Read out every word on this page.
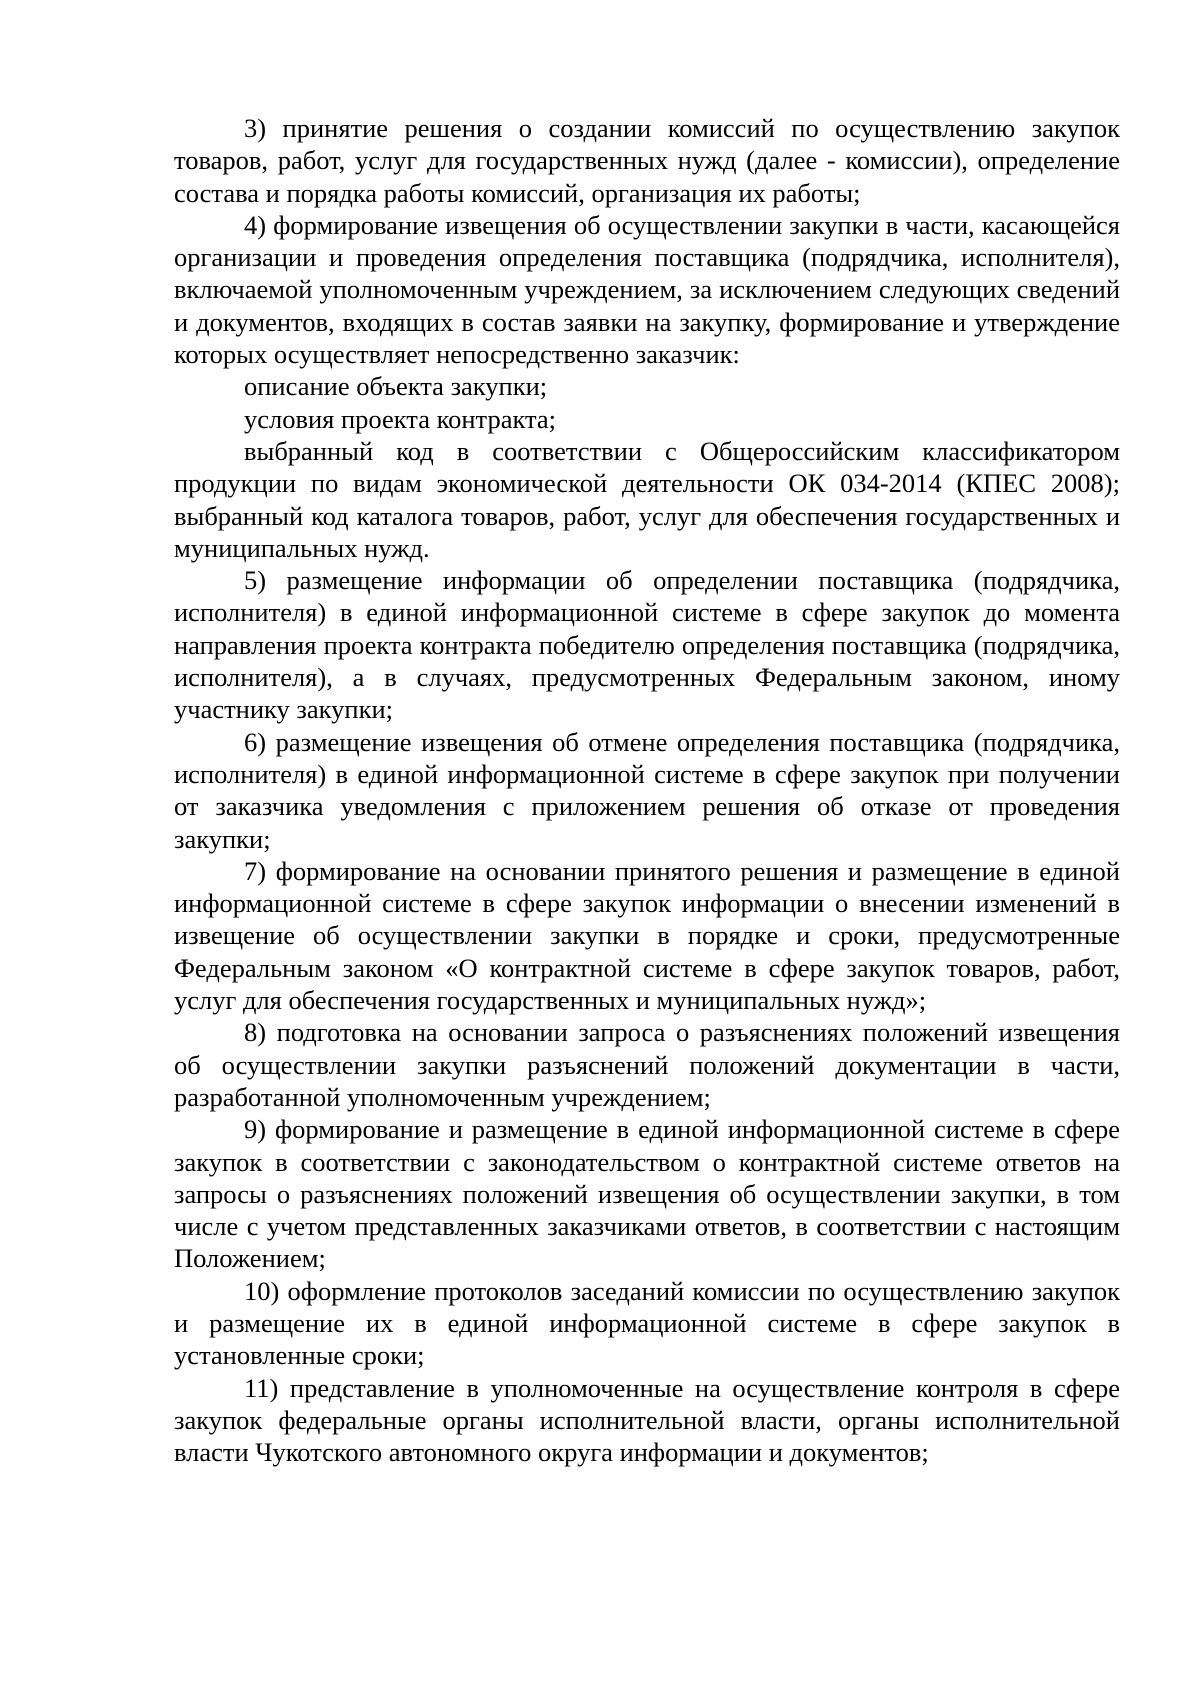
3) принятие решения о создании комиссий по осуществлению закупок товаров, работ, услуг для государственных нужд (далее - комиссии), определение состава и порядка работы комиссий, организация их работы;

4) формирование извещения об осуществлении закупки в части, касающейся организации и проведения определения поставщика (подрядчика, исполнителя), включаемой уполномоченным учреждением, за исключением следующих сведений и документов, входящих в состав заявки на закупку, формирование и утверждение которых осуществляет непосредственно заказчик:

описание объекта закупки;

условия проекта контракта;

выбранный код в соответствии с Общероссийским классификатором продукции по видам экономической деятельности ОК 034-2014 (КПЕС 2008); выбранный код каталога товаров, работ, услуг для обеспечения государственных и муниципальных нужд.

5) размещение информации об определении поставщика (подрядчика, исполнителя) в единой информационной системе в сфере закупок до момента направления проекта контракта победителю определения поставщика (подрядчика, исполнителя), а в случаях, предусмотренных Федеральным законом, иному участнику закупки;

6) размещение извещения об отмене определения поставщика (подрядчика, исполнителя) в единой информационной системе в сфере закупок при получении от заказчика уведомления с приложением решения об отказе от проведения закупки;

7) формирование на основании принятого решения и размещение в единой информационной системе в сфере закупок информации о внесении изменений в извещение об осуществлении закупки в порядке и сроки, предусмотренные Федеральным законом «О контрактной системе в сфере закупок товаров, работ, услуг для обеспечения государственных и муниципальных нужд»;

8) подготовка на основании запроса о разъяснениях положений извещения об осуществлении закупки разъяснений положений документации в части, разработанной уполномоченным учреждением;

9) формирование и размещение в единой информационной системе в сфере закупок в соответствии с законодательством о контрактной системе ответов на запросы о разъяснениях положений извещения об осуществлении закупки, в том числе с учетом представленных заказчиками ответов, в соответствии с настоящим Положением;

10) оформление протоколов заседаний комиссии по осуществлению закупок и размещение их в единой информационной системе в сфере закупок в установленные сроки;

11) представление в уполномоченные на осуществление контроля в сфере закупок федеральные органы исполнительной власти, органы исполнительной власти Чукотского автономного округа информации и документов;
